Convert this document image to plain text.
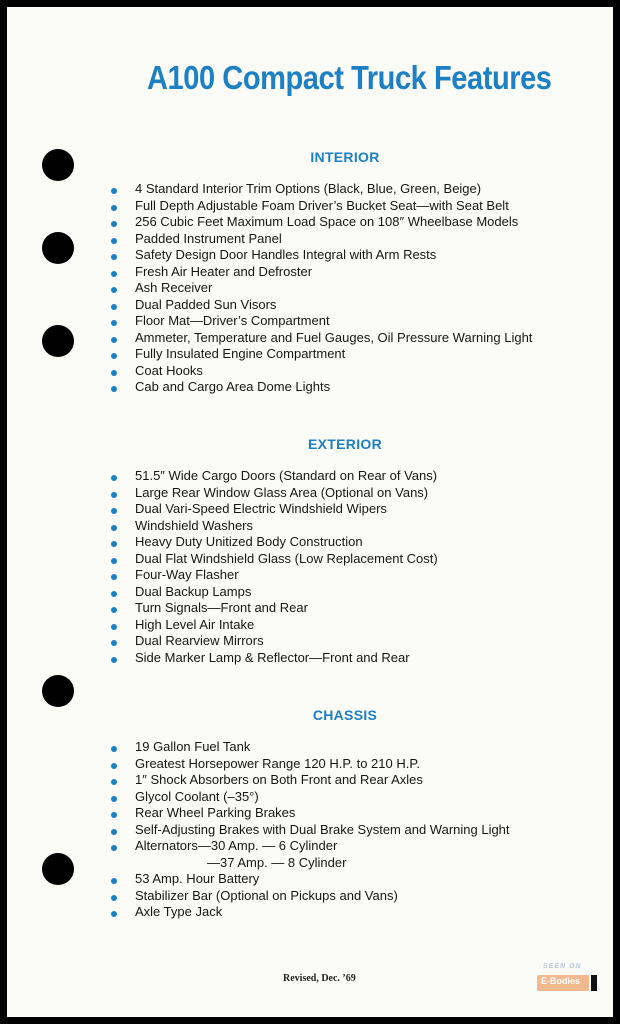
A100 Compact Truck Features
INTERIOR
4 Standard Interior Trim Options (Black, Blue, Green, Beige)
Full Depth Adjustable Foam Driver’s Bucket Seat—with Seat Belt
256 Cubic Feet Maximum Load Space on 108″ Wheelbase Models
Padded Instrument Panel
Safety Design Door Handles Integral with Arm Rests
Fresh Air Heater and Defroster
Ash Receiver
Dual Padded Sun Visors
Floor Mat—Driver’s Compartment
Ammeter, Temperature and Fuel Gauges, Oil Pressure Warning Light
Fully Insulated Engine Compartment
Coat Hooks
Cab and Cargo Area Dome Lights
EXTERIOR
51.5″ Wide Cargo Doors (Standard on Rear of Vans)
Large Rear Window Glass Area (Optional on Vans)
Dual Vari-Speed Electric Windshield Wipers
Windshield Washers
Heavy Duty Unitized Body Construction
Dual Flat Windshield Glass (Low Replacement Cost)
Four-Way Flasher
Dual Backup Lamps
Turn Signals—Front and Rear
High Level Air Intake
Dual Rearview Mirrors
Side Marker Lamp & Reflector—Front and Rear
CHASSIS
19 Gallon Fuel Tank
Greatest Horsepower Range 120 H.P. to 210 H.P.
1″ Shock Absorbers on Both Front and Rear Axles
Glycol Coolant (–35°)
Rear Wheel Parking Brakes
Self-Adjusting Brakes with Dual Brake System and Warning Light
Alternators—30 Amp. — 6 Cylinder
—37 Amp. — 8 Cylinder
53 Amp. Hour Battery
Stabilizer Bar (Optional on Pickups and Vans)
Axle Type Jack

Revised, Dec. ’69

SEEN ON
E-Bodies
